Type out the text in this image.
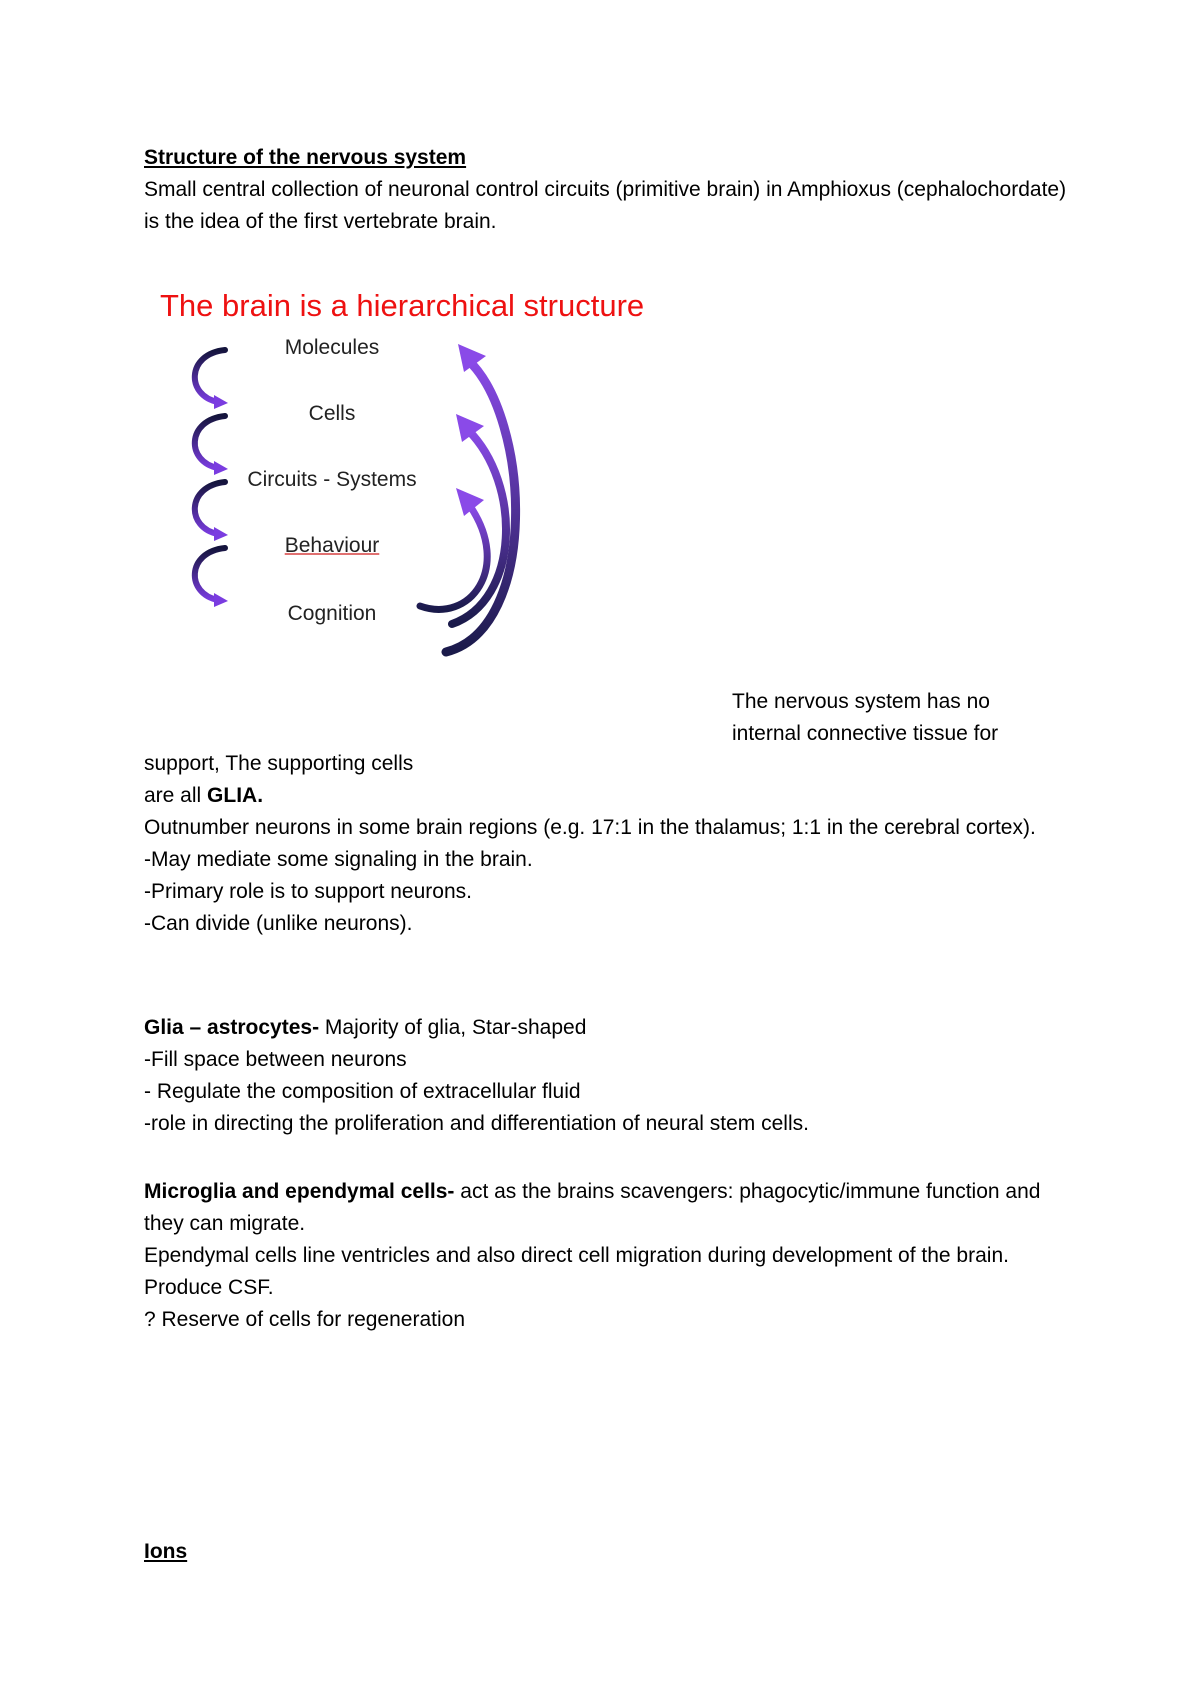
Structure of the nervous system

Small central collection of neuronal control circuits (primitive brain) in Amphioxus (cephalochordate) is the idea of the first vertebrate brain.

The brain is a hierarchical structure
Molecules
Cells
Circuits - Systems
Behaviour
Cognition

The nervous system has no internal connective tissue for

support, The supporting cells

are all GLIA.

Outnumber neurons in some brain regions (e.g. 17:1 in the thalamus; 1:1 in the cerebral cortex).

-May mediate some signaling in the brain.

-Primary role is to support neurons.

-Can divide (unlike neurons).

Glia – astrocytes- Majority of glia, Star-shaped

-Fill space between neurons

- Regulate the composition of extracellular fluid

-role in directing the proliferation and differentiation of neural stem cells.

Microglia and ependymal cells- act as the brains scavengers: phagocytic/immune function and they can migrate.

Ependymal cells line ventricles and also direct cell migration during development of the brain.

Produce CSF.

? Reserve of cells for regeneration

Ions
